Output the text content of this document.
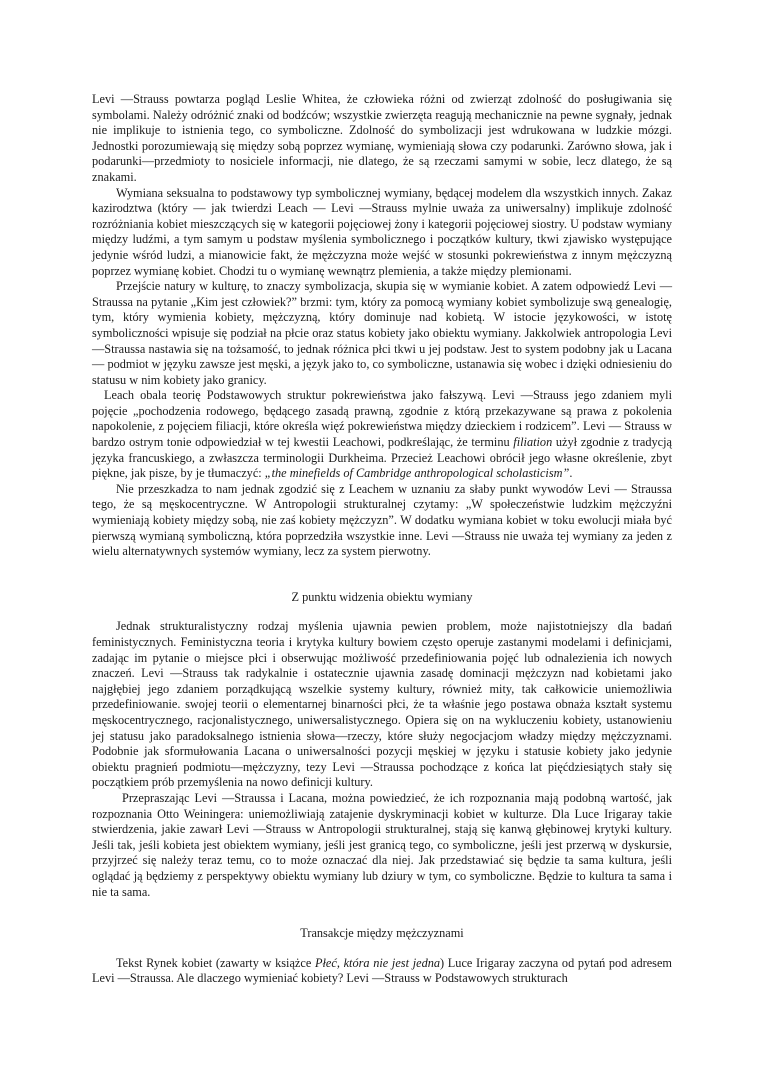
Levi —Strauss powtarza pogląd Leslie Whitea, że człowieka różni od zwierząt zdolność do posługiwania się symbolami. Należy odróżnić znaki od bodźców; wszystkie zwierzęta reagują mechanicznie na pewne sygnały, jednak nie implikuje to istnienia tego, co symboliczne. Zdolność do symbolizacji jest wdrukowana w ludzkie mózgi. Jednostki porozumiewają się między sobą poprzez wymianę, wymieniają słowa czy podarunki. Zarówno słowa, jak i podarunki—przedmioty to nosiciele informacji, nie dlatego, że są rzeczami samymi w sobie, lecz dlatego, że są znakami.

Wymiana seksualna to podstawowy typ symbolicznej wymiany, będącej modelem dla wszystkich innych. Zakaz kazirodztwa (który — jak twierdzi Leach — Levi —Strauss mylnie uważa za uniwersalny) implikuje zdolność rozróżniania kobiet mieszczących się w kategorii pojęciowej żony i kategorii pojęciowej siostry. U podstaw wymiany między ludźmi, a tym samym u podstaw myślenia symbolicznego i początków kultury, tkwi zjawisko występujące jedynie wśród ludzi, a mianowicie fakt, że mężczyzna może wejść w stosunki pokrewieństwa z innym mężczyzną poprzez wymianę kobiet. Chodzi tu o wymianę wewnątrz plemienia, a także między plemionami.

Przejście natury w kulturę, to znaczy symbolizacja, skupia się w wymianie kobiet. A zatem odpowiedź Levi —Straussa na pytanie „Kim jest człowiek?” brzmi: tym, który za pomocą wymiany kobiet symbolizuje swą genealogię, tym, który wymienia kobiety, mężczyzną, który dominuje nad kobietą. W istocie językowości, w istotę symboliczności wpisuje się podział na płcie oraz status kobiety jako obiektu wymiany. Jakkolwiek antropologia Levi —Straussa nastawia się na tożsamość, to jednak różnica płci tkwi u jej podstaw. Jest to system podobny jak u Lacana — podmiot w języku zawsze jest męski, a język jako to, co symboliczne, ustanawia się wobec i dzięki odniesieniu do statusu w nim kobiety jako granicy.

Leach obala teorię Podstawowych struktur pokrewieństwa jako fałszywą. Levi —Strauss jego zdaniem myli pojęcie „pochodzenia rodowego, będącego zasadą prawną, zgodnie z którą przekazywane są prawa z pokolenia napokolenie, z pojęciem filiacji, które określa więź pokrewieństwa między dzieckiem i rodzicem”. Levi — Strauss w bardzo ostrym tonie odpowiedział w tej kwestii Leachowi, podkreślając, że terminu filiation użył zgodnie z tradycją języka francuskiego, a zwłaszcza terminologii Durkheima. Przecież Leachowi obrócił jego własne określenie, zbyt piękne, jak pisze, by je tłumaczyć: „the minefields of Cambridge anthropological scholasticism”.

Nie przeszkadza to nam jednak zgodzić się z Leachem w uznaniu za słaby punkt wywodów Levi — Straussa tego, że są męskocentryczne. W Antropologii strukturalnej czytamy: „W społeczeństwie ludzkim mężczyźni wymieniają kobiety między sobą, nie zaś kobiety mężczyzn”. W dodatku wymiana kobiet w toku ewolucji miała być pierwszą wymianą symboliczną, która poprzedziła wszystkie inne. Levi —Strauss nie uważa tej wymiany za jeden z wielu alternatywnych systemów wymiany, lecz za system pierwotny.

Z punktu widzenia obiektu wymiany

Jednak strukturalistyczny rodzaj myślenia ujawnia pewien problem, może najistotniejszy dla badań feministycznych. Feministyczna teoria i krytyka kultury bowiem często operuje zastanymi modelami i definicjami, zadając im pytanie o miejsce płci i obserwując możliwość przedefiniowania pojęć lub odnalezienia ich nowych znaczeń. Levi —Strauss tak radykalnie i ostatecznie ujawnia zasadę dominacji mężczyzn nad kobietami jako najgłębiej jego zdaniem porządkującą wszelkie systemy kultury, również mity, tak całkowicie uniemożliwia przedefiniowanie. swojej teorii o elementarnej binarności płci, że ta właśnie jego postawa obnaża kształt systemu męskocentrycznego, racjonalistycznego, uniwersalistycznego. Opiera się on na wykluczeniu kobiety, ustanowieniu jej statusu jako paradoksalnego istnienia słowa—rzeczy, które służy negocjacjom władzy między mężczyznami. Podobnie jak sformułowania Lacana o uniwersalności pozycji męskiej w języku i statusie kobiety jako jedynie obiektu pragnień podmiotu—mężczyzny, tezy Levi —Straussa pochodzące z końca lat pięćdziesiątych stały się początkiem prób przemyślenia na nowo definicji kultury.

Przepraszając Levi —Straussa i Lacana, można powiedzieć, że ich rozpoznania mają podobną wartość, jak rozpoznania Otto Weiningera: uniemożliwiają zatajenie dyskryminacji kobiet w kulturze. Dla Luce Irigaray takie stwierdzenia, jakie zawarł Levi —Strauss w Antropologii strukturalnej, stają się kanwą głębinowej krytyki kultury. Jeśli tak, jeśli kobieta jest obiektem wymiany, jeśli jest granicą tego, co symboliczne, jeśli jest przerwą w dyskursie, przyjrzeć się należy teraz temu, co to może oznaczać dla niej. Jak przedstawiać się będzie ta sama kultura, jeśli oglądać ją będziemy z perspektywy obiektu wymiany lub dziury w tym, co symboliczne. Będzie to kultura ta sama i nie ta sama.

Transakcje między mężczyznami

Tekst Rynek kobiet (zawarty w książce Płeć, która nie jest jedna) Luce Irigaray zaczyna od pytań pod adresem Levi —Straussa. Ale dlaczego wymieniać kobiety? Levi —Strauss w Podstawowych strukturach
